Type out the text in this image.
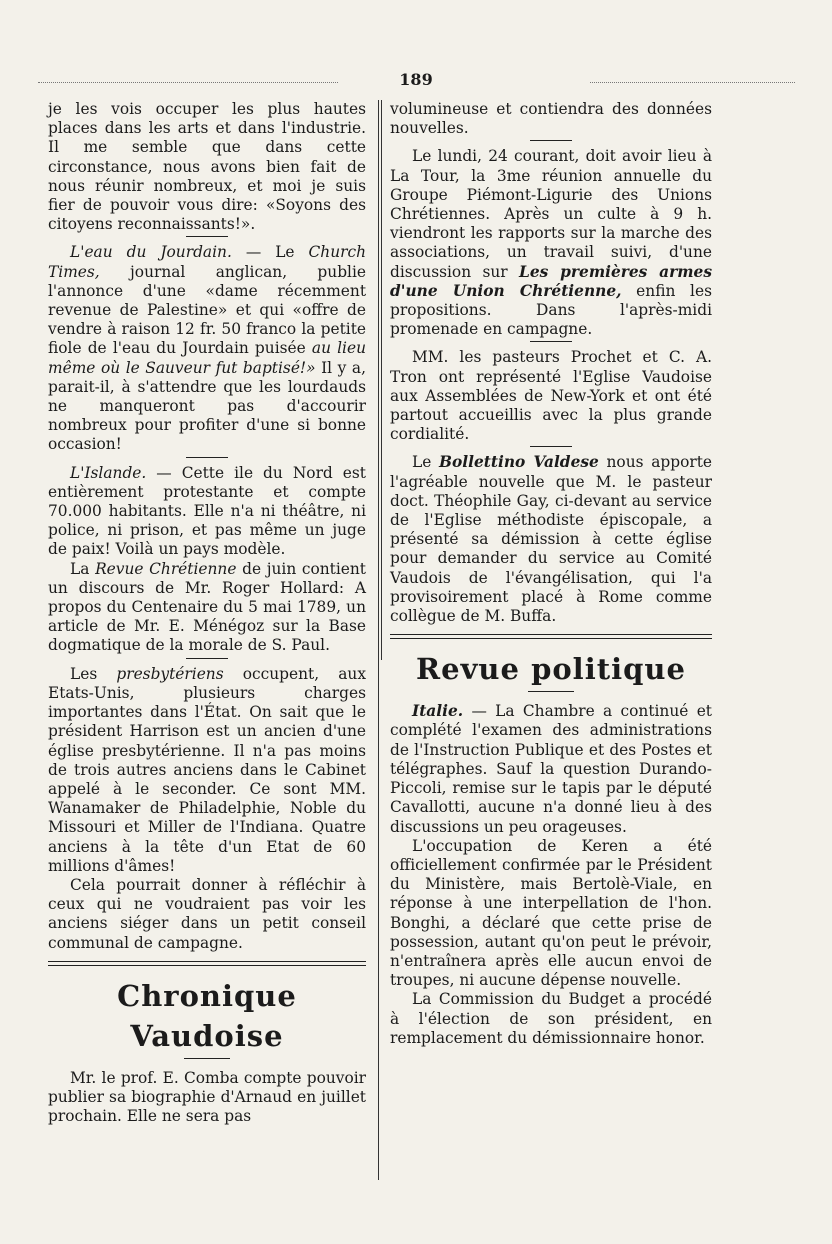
189

je les vois occuper les plus hautes places dans les arts et dans l'industrie. Il me semble que dans cette circonstance, nous avons bien fait de nous réunir nombreux, et moi je suis fier de pouvoir vous dire: «Soyons des citoyens reconnaissants!».

L'eau du Jourdain. — Le Church Times, journal anglican, publie l'annonce d'une «dame récemment revenue de Palestine» et qui «offre de vendre à raison 12 fr. 50 franco la petite fiole de l'eau du Jourdain puisée au lieu même où le Sauveur fut baptisé!» Il y a, parait-il, à s'attendre que les lourdauds ne manqueront pas d'accourir nombreux pour profiter d'une si bonne occasion!

L'Islande. — Cette ile du Nord est entièrement protestante et compte 70.000 habitants. Elle n'a ni théâtre, ni police, ni prison, et pas même un juge de paix! Voilà un pays modèle.

La Revue Chrétienne de juin contient un discours de Mr. Roger Hollard: A propos du Centenaire du 5 mai 1789, un article de Mr. E. Ménégoz sur la Base dogmatique de la morale de S. Paul.

Les presbytériens occupent, aux Etats-Unis, plusieurs charges importantes dans l'État. On sait que le président Harrison est un ancien d'une église presbytérienne. Il n'a pas moins de trois autres anciens dans le Cabinet appelé à le seconder. Ce sont MM. Wanamaker de Philadelphie, Noble du Missouri et Miller de l'Indiana. Quatre anciens à la tête d'un Etat de 60 millions d'âmes!

Cela pourrait donner à réfléchir à ceux qui ne voudraient pas voir les anciens siéger dans un petit conseil communal de campagne.

Chronique Vaudoise

Mr. le prof. E. Comba compte pouvoir publier sa biographie d'Arnaud en juillet prochain. Elle ne sera pas

volumineuse et contiendra des données nouvelles.

Le lundi, 24 courant, doit avoir lieu à La Tour, la 3me réunion annuelle du Groupe Piémont-Ligurie des Unions Chrétiennes. Après un culte à 9 h. viendront les rapports sur la marche des associations, un travail suivi, d'une discussion sur Les premières armes d'une Union Chrétienne, enfin les propositions. Dans l'après-midi promenade en campagne.

MM. les pasteurs Prochet et C. A. Tron ont représenté l'Eglise Vaudoise aux Assemblées de New-York et ont été partout accueillis avec la plus grande cordialité.

Le Bollettino Valdese nous apporte l'agréable nouvelle que M. le pasteur doct. Théophile Gay, ci-devant au service de l'Eglise méthodiste épiscopale, a présenté sa démission à cette église pour demander du service au Comité Vaudois de l'évangélisation, qui l'a provisoirement placé à Rome comme collègue de M. Buffa.

Revue politique

Italie. — La Chambre a continué et complété l'examen des administrations de l'Instruction Publique et des Postes et télégraphes. Sauf la question Durando-Piccoli, remise sur le tapis par le député Cavallotti, aucune n'a donné lieu à des discussions un peu orageuses.

L'occupation de Keren a été officiellement confirmée par le Président du Ministère, mais Bertolè-Viale, en réponse à une interpellation de l'hon. Bonghi, a déclaré que cette prise de possession, autant qu'on peut le prévoir, n'entraînera après elle aucun envoi de troupes, ni aucune dépense nouvelle.

La Commission du Budget a procédé à l'élection de son président, en remplacement du démissionnaire honor.
